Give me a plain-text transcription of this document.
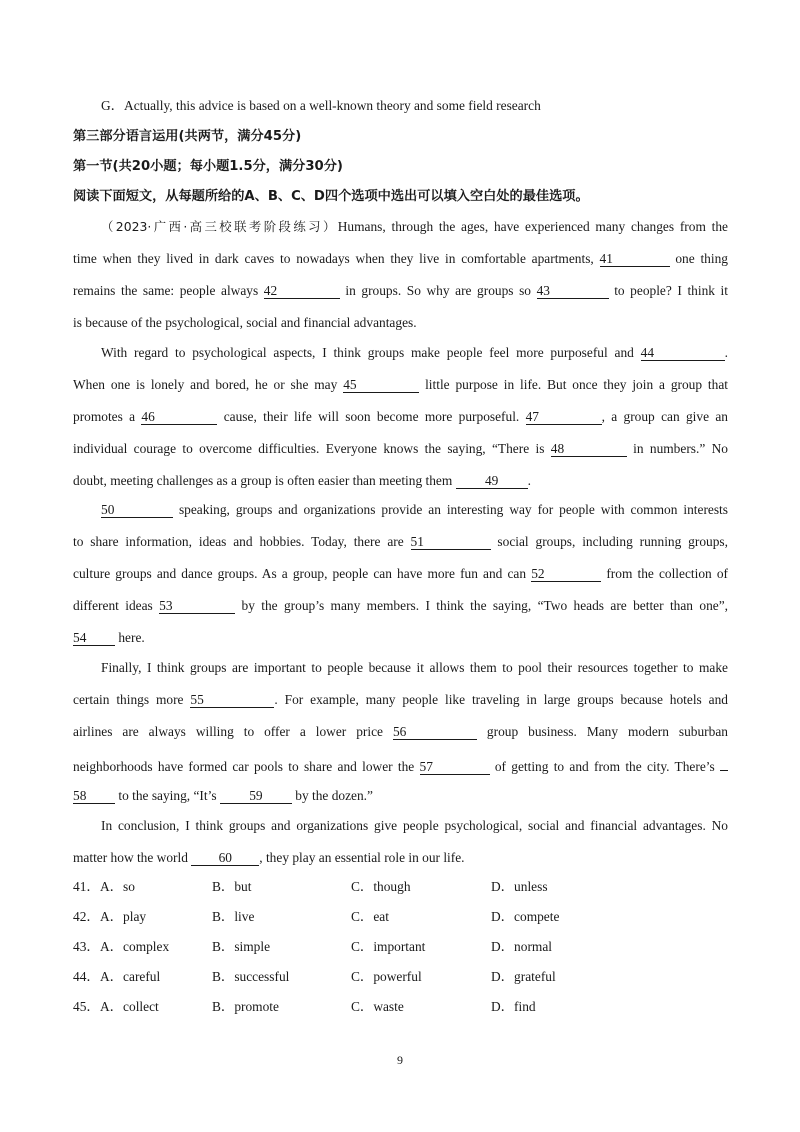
G．Actually, this advice is based on a well-known theory and some field research
第三部分语言运用(共两节，满分45分)
第一节(共20小题；每小题1.5分，满分30分)
阅读下面短文，从每题所给的A、B、C、D四个选项中选出可以填入空白处的最佳选项。
（2023·广西·高三校联考阶段练习）Humans, through the ages, have experienced many changes from the
time when they lived in dark caves to nowadays when they live in comfortable apartments, 41	one thing
remains the same: people always 42	in groups. So why are groups so 43	to people? I think it
is because of the psychological, social and financial advantages.
With regard to psychological aspects, I think groups make people feel more purposeful and 44	.
When one is lonely and bored, he or she may 45	little purpose in life. But once they join a group that
promotes a 46	cause, their life will soon become more purposeful. 47	, a group can give an
individual courage to overcome difficulties. Everyone knows the saying, “There is 48	in numbers.” No
doubt, meeting challenges as a group is often easier than meeting them 49 .
50	speaking, groups and organizations provide an interesting way for people with common interests
to share information, ideas and hobbies. Today, there are 51	social groups, including running groups,
culture groups and dance groups. As a group, people can have more fun and can 52	from the collection of
different ideas 53	by the group’s many members. I think the saying, “Two heads are better than one”,
54 here.
Finally, I think groups are important to people because it allows them to pool their resources together to make
certain things more 55	. For example, many people like traveling in large groups because hotels and
airlines are always willing to offer a lower price 56	group business. Many modern suburban
neighborhoods have formed car pools to share and lower the 57	of getting to and from the city. There’s
58 to the saying, “It’s 59 by the dozen.”
In conclusion, I think groups and organizations give people psychological, social and financial advantages. No
matter how the world 60 , they play an essential role in our life.
41． A．so	B．but	C．though	D．unless
42． A．play	B．live	C．eat	D．compete
43． A．complex	B．simple	C．important	D．normal
44． A．careful	B．successful	C．powerful	D．grateful
45． A．collect	B．promote	C．waste	D．find
9
